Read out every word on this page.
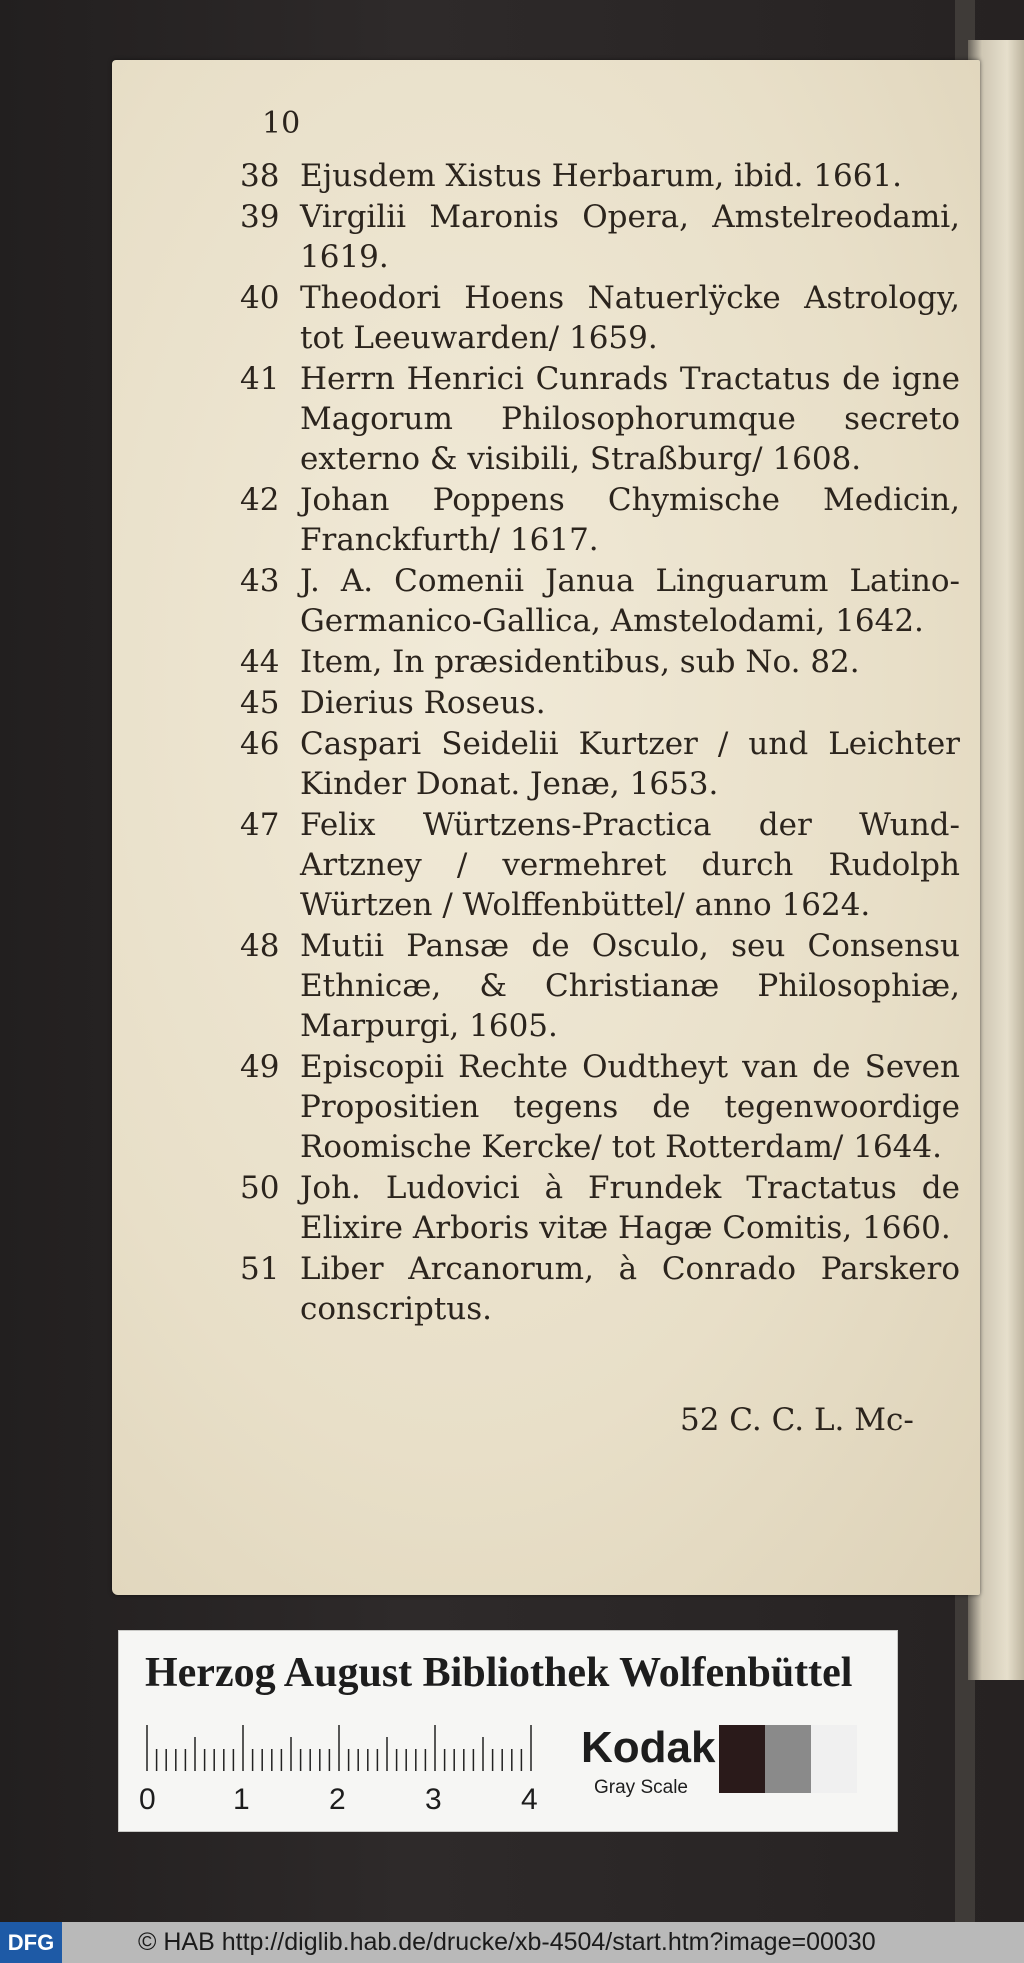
10
38 Ejusdem Xistus Herbarum, ibid. 1661.
39 Virgilii Maronis Opera, Amstelreodami, 1619.
40 Theodori Hoens Natuerlÿcke Astrology, tot Leeuwarden/ 1659.
41 Herrn Henrici Cunrads Tractatus de igne Magorum Philosophorumque secreto externo & visibili, Straßburg/ 1608.
42 Johan Poppens Chymische Medicin, Franckfurth/ 1617.
43 J. A. Comenii Janua Linguarum Latino-Germanico-Gallica, Amstelodami, 1642.
44 Item, In præsidentibus, sub No. 82.
45 Dierius Roseus.
46 Caspari Seidelii Kurtzer / und Leichter Kinder Donat. Jenæ, 1653.
47 Felix Würtzens-Practica der Wund-Artzney / vermehret durch Rudolph Würtzen / Wolffenbüttel/ anno 1624.
48 Mutii Pansæ de Osculo, seu Consensu Ethnicæ, & Christianæ Philosophiæ, Marpurgi, 1605.
49 Episcopii Rechte Oudtheyt van de Seven Propositien tegens de tegenwoordige Roomische Kercke/ tot Rotterdam/ 1644.
50 Joh. Ludovici à Frundek Tractatus de Elixire Arboris vitæ Hagæ Comitis, 1660.
51 Liber Arcanorum, à Conrado Parskero conscriptus.
52 C. C. L. Mc-
Herzog August Bibliothek Wolfenbüttel
0	1	2	3	4
Kodak
Gray Scale
DFG	© HAB http://diglib.hab.de/drucke/xb-4504/start.htm?image=00030
